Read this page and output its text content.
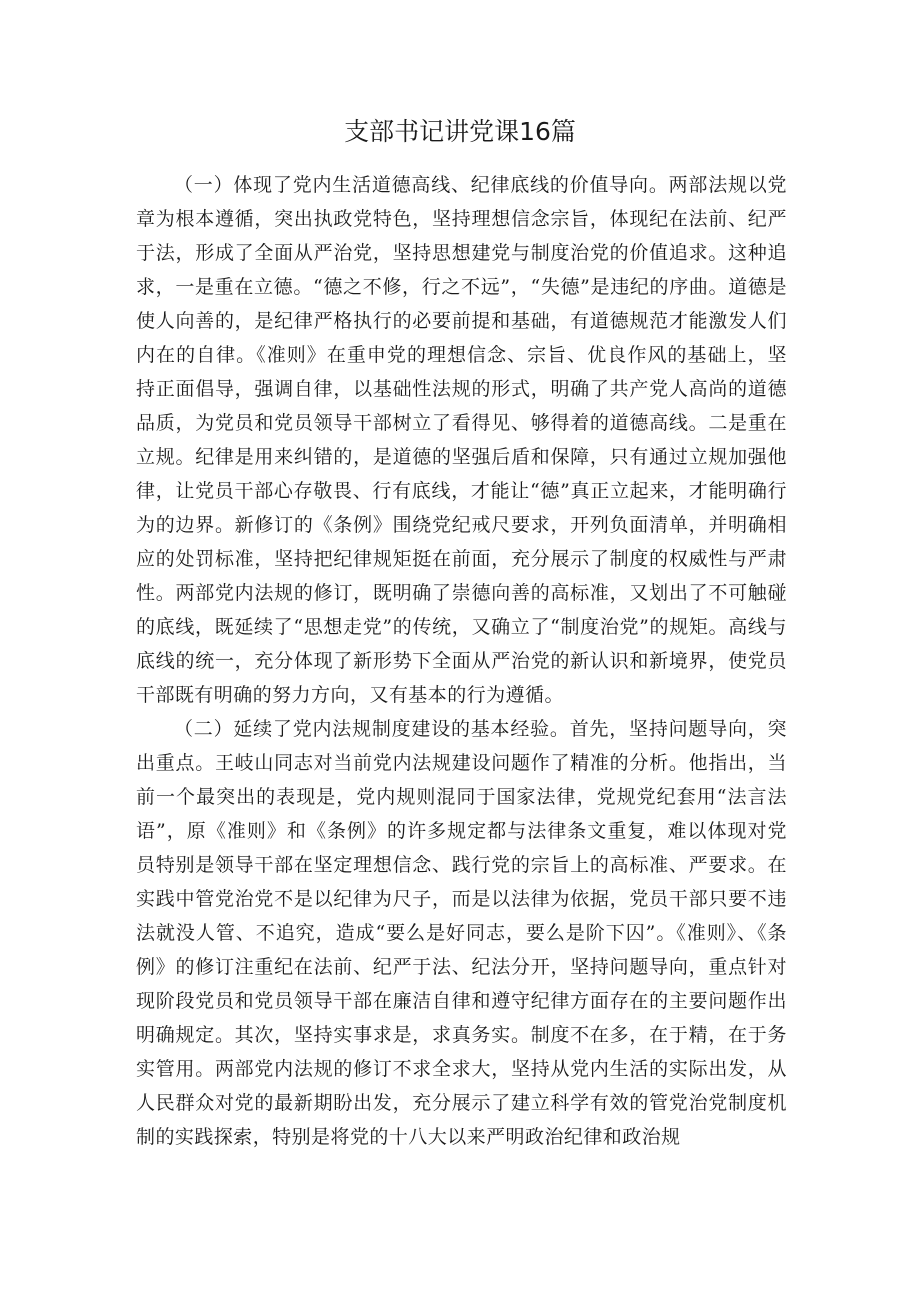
支部书记讲党课16篇

（一）体现了党内生活道德高线、纪律底线的价值导向。两部法规以党章为根本遵循，突出执政党特色，坚持理想信念宗旨，体现纪在法前、纪严于法，形成了全面从严治党，坚持思想建党与制度治党的价值追求。这种追求，一是重在立德。“德之不修，行之不远”，“失德”是违纪的序曲。道德是使人向善的，是纪律严格执行的必要前提和基础，有道德规范才能激发人们内在的自律。《准则》在重申党的理想信念、宗旨、优良作风的基础上，坚持正面倡导，强调自律，以基础性法规的形式，明确了共产党人高尚的道德品质，为党员和党员领导干部树立了看得见、够得着的道德高线。二是重在立规。纪律是用来纠错的，是道德的坚强后盾和保障，只有通过立规加强他律，让党员干部心存敬畏、行有底线，才能让“德”真正立起来，才能明确行为的边界。新修订的《条例》围绕党纪戒尺要求，开列负面清单，并明确相应的处罚标准，坚持把纪律规矩挺在前面，充分展示了制度的权威性与严肃性。两部党内法规的修订，既明确了崇德向善的高标准，又划出了不可触碰的底线，既延续了“思想走党”的传统，又确立了“制度治党”的规矩。高线与底线的统一，充分体现了新形势下全面从严治党的新认识和新境界，使党员干部既有明确的努力方向，又有基本的行为遵循。

（二）延续了党内法规制度建设的基本经验。首先，坚持问题导向，突出重点。王岐山同志对当前党内法规建设问题作了精准的分析。他指出，当前一个最突出的表现是，党内规则混同于国家法律，党规党纪套用“法言法语”，原《准则》和《条例》的许多规定都与法律条文重复，难以体现对党员特别是领导干部在坚定理想信念、践行党的宗旨上的高标准、严要求。在实践中管党治党不是以纪律为尺子，而是以法律为依据，党员干部只要不违法就没人管、不追究，造成“要么是好同志，要么是阶下囚”。《准则》、《条例》的修订注重纪在法前、纪严于法、纪法分开，坚持问题导向，重点针对现阶段党员和党员领导干部在廉洁自律和遵守纪律方面存在的主要问题作出明确规定。其次，坚持实事求是，求真务实。制度不在多，在于精，在于务实管用。两部党内法规的修订不求全求大，坚持从党内生活的实际出发，从人民群众对党的最新期盼出发，充分展示了建立科学有效的管党治党制度机制的实践探索，特别是将党的十八大以来严明政治纪律和政治规
